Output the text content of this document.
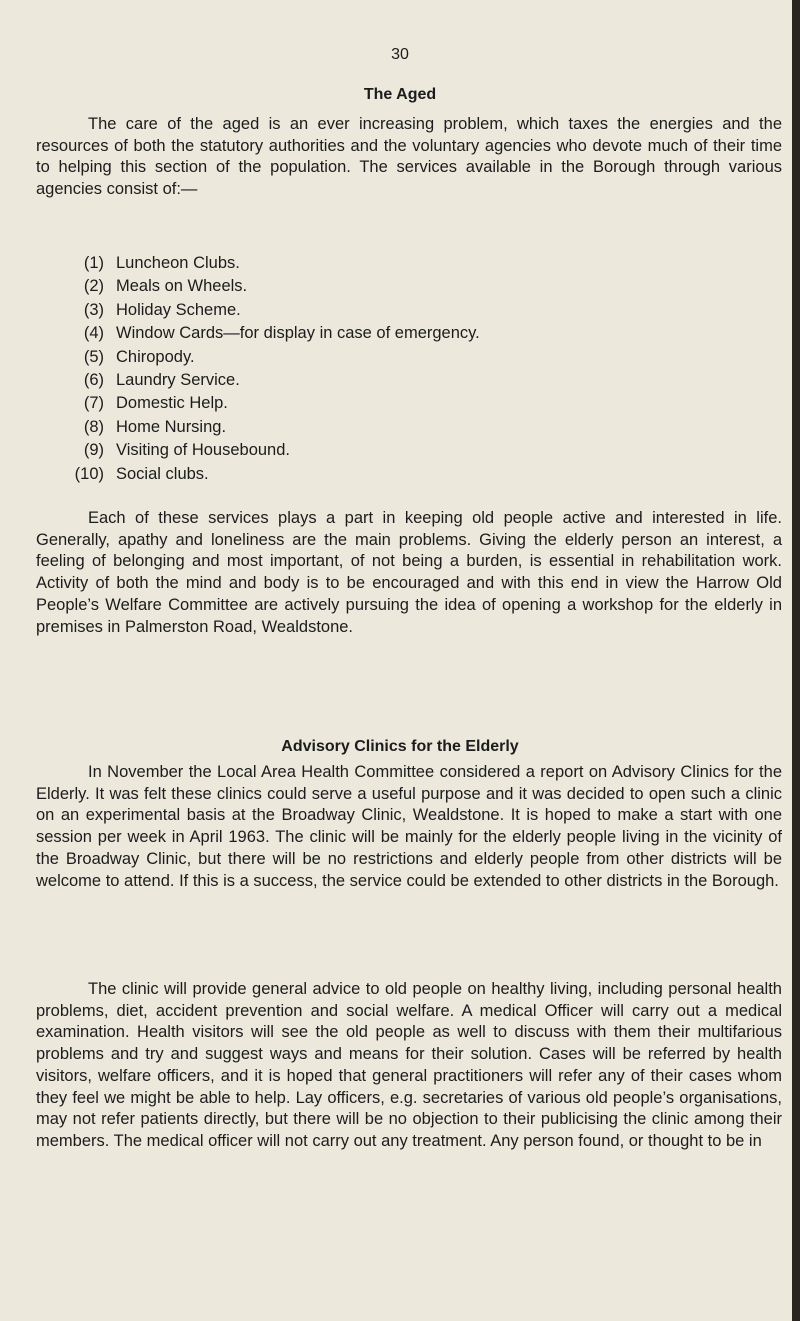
30
The Aged

The care of the aged is an ever increasing problem, which taxes the energies and the resources of both the statutory authorities and the voluntary agencies who devote much of their time to helping this section of the population. The services available in the Borough through various agencies consist of:—

(1) Luncheon Clubs.
(2) Meals on Wheels.
(3) Holiday Scheme.
(4) Window Cards—for display in case of emergency.
(5) Chiropody.
(6) Laundry Service.
(7) Domestic Help.
(8) Home Nursing.
(9) Visiting of Housebound.
(10) Social clubs.

Each of these services plays a part in keeping old people active and interested in life. Generally, apathy and loneliness are the main problems. Giving the elderly person an interest, a feeling of belonging and most important, of not being a burden, is essential in rehabilitation work. Activity of both the mind and body is to be encouraged and with this end in view the Harrow Old People’s Welfare Committee are actively pursuing the idea of opening a workshop for the elderly in premises in Palmerston Road, Wealdstone.

Advisory Clinics for the Elderly

In November the Local Area Health Committee considered a report on Advisory Clinics for the Elderly. It was felt these clinics could serve a useful purpose and it was decided to open such a clinic on an experimental basis at the Broadway Clinic, Wealdstone. It is hoped to make a start with one session per week in April 1963. The clinic will be mainly for the elderly people living in the vicinity of the Broadway Clinic, but there will be no restrictions and elderly people from other districts will be welcome to attend. If this is a success, the service could be extended to other districts in the Borough.

The clinic will provide general advice to old people on healthy living, including personal health problems, diet, accident prevention and social welfare. A medical Officer will carry out a medical examination. Health visitors will see the old people as well to discuss with them their multifarious problems and try and suggest ways and means for their solution. Cases will be referred by health visitors, welfare officers, and it is hoped that general practitioners will refer any of their cases whom they feel we might be able to help. Lay officers, e.g. secretaries of various old people’s organisations, may not refer patients directly, but there will be no objection to their publicising the clinic among their members. The medical officer will not carry out any treatment. Any person found, or thought to be in
